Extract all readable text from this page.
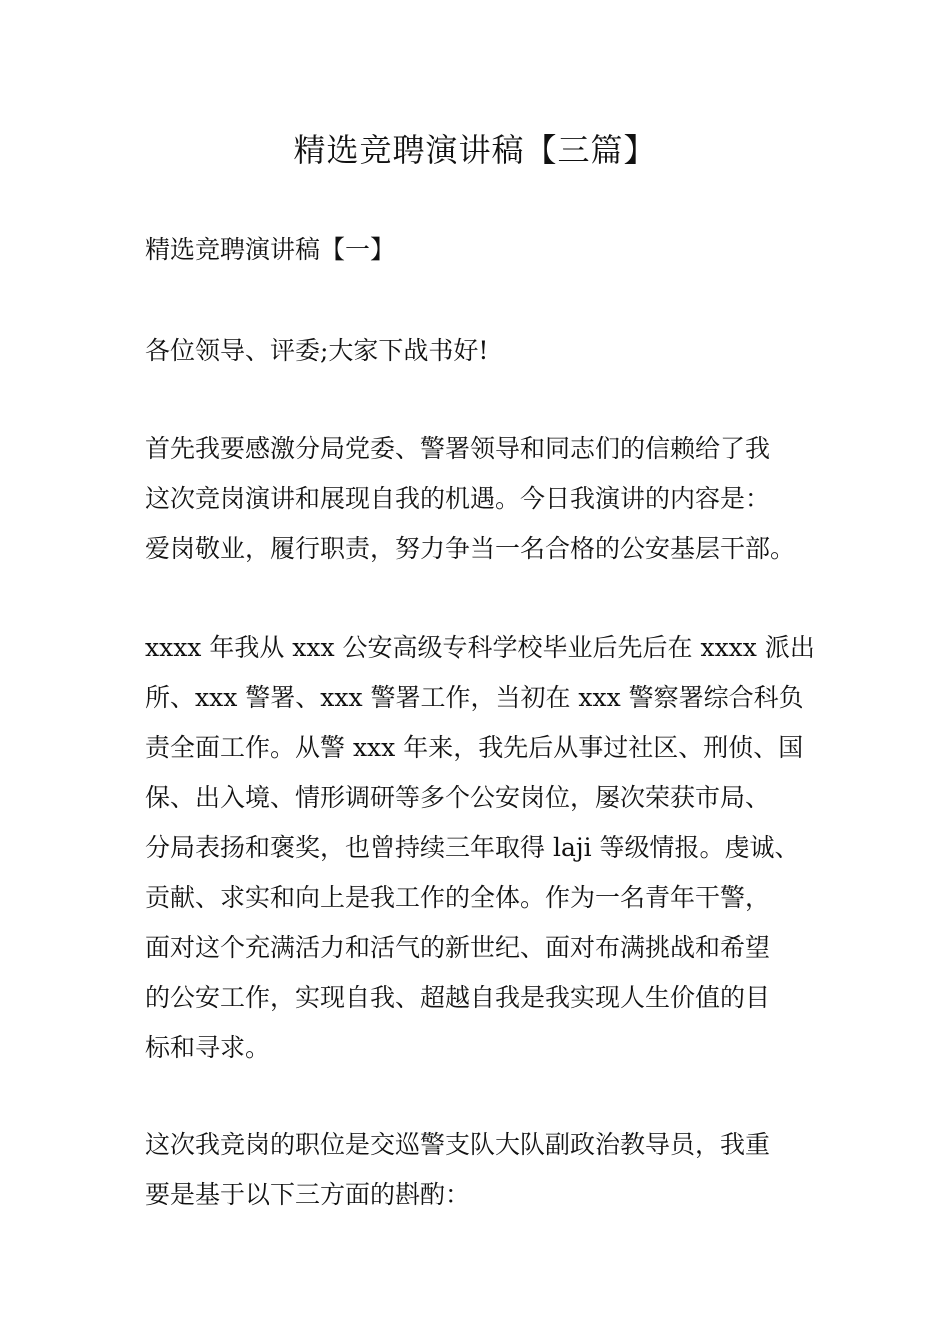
精选竞聘演讲稿【三篇】

精选竞聘演讲稿【一】

各位领导、评委;大家下战书好!

首先我要感激分局党委、警署领导和同志们的信赖给了我

这次竞岗演讲和展现自我的机遇。今日我演讲的内容是：

爱岗敬业，履行职责，努力争当一名合格的公安基层干部。

xxxx 年我从 xxx 公安高级专科学校毕业后先后在 xxxx 派出

所、xxx 警署、xxx 警署工作，当初在 xxx 警察署综合科负

责全面工作。从警 xxx 年来，我先后从事过社区、刑侦、国

保、出入境、情形调研等多个公安岗位，屡次荣获市局、

分局表扬和褒奖，也曾持续三年取得 laji 等级情报。虔诚、

贡献、求实和向上是我工作的全体。作为一名青年干警，

面对这个充满活力和活气的新世纪、面对布满挑战和希望

的公安工作，实现自我、超越自我是我实现人生价值的目

标和寻求。

这次我竞岗的职位是交巡警支队大队副政治教导员，我重

要是基于以下三方面的斟酌：
